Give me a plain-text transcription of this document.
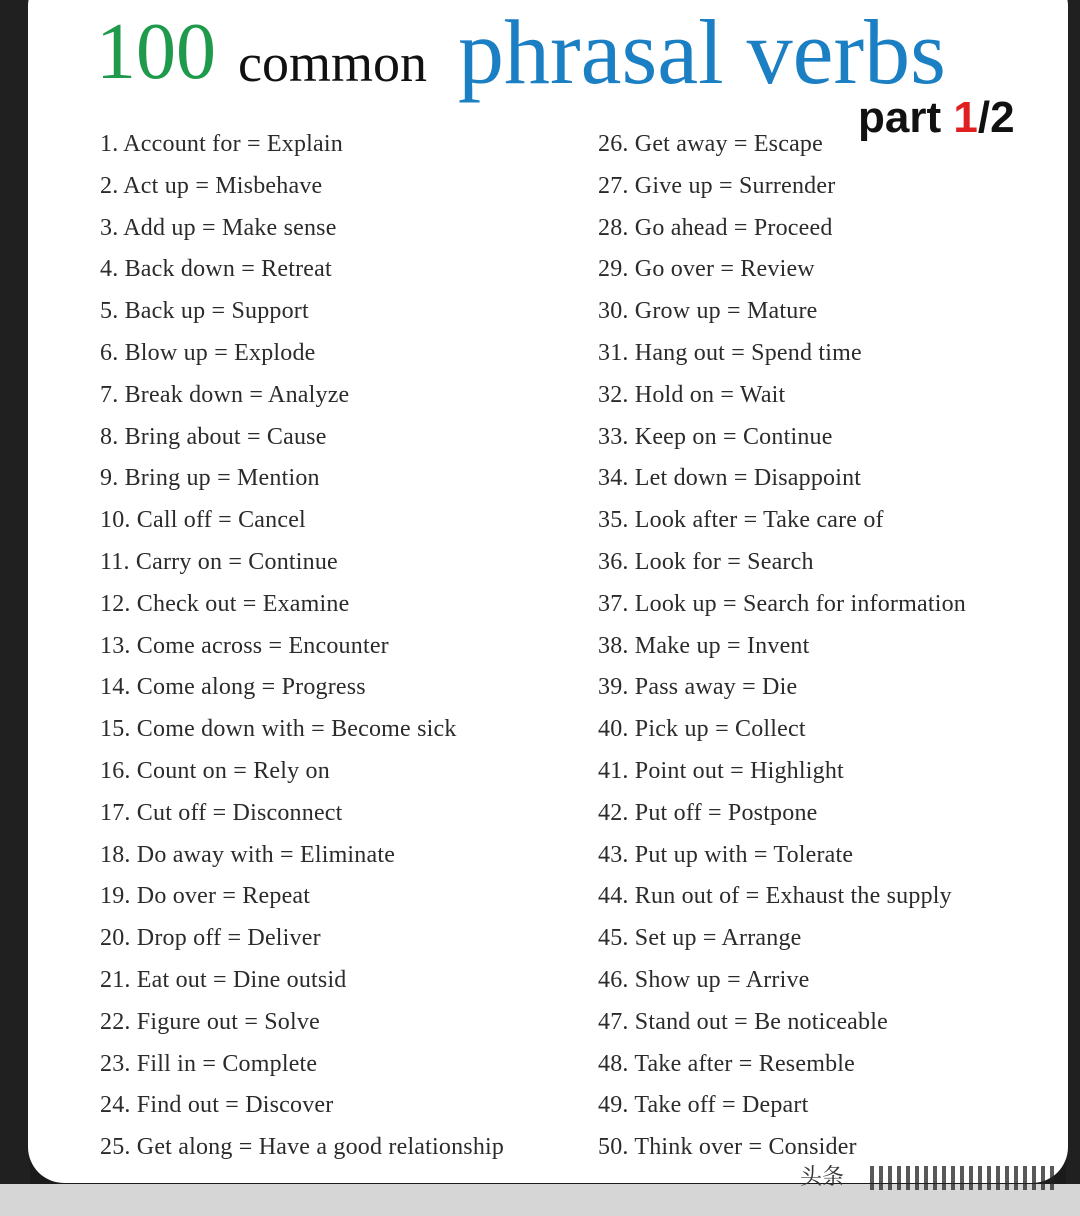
100 common phrasal verbs
part 1/2
1. Account for = Explain
2. Act up = Misbehave
3. Add up = Make sense
4. Back down = Retreat
5. Back up = Support
6. Blow up = Explode
7. Break down = Analyze
8. Bring about = Cause
9. Bring up = Mention
10. Call off = Cancel
11. Carry on = Continue
12. Check out = Examine
13. Come across = Encounter
14. Come along = Progress
15. Come down with = Become sick
16. Count on = Rely on
17. Cut off = Disconnect
18. Do away with = Eliminate
19. Do over = Repeat
20. Drop off = Deliver
21. Eat out = Dine outsid
22. Figure out = Solve
23. Fill in = Complete
24. Find out = Discover
25. Get along = Have a good relationship
26. Get away = Escape
27. Give up = Surrender
28. Go ahead = Proceed
29. Go over = Review
30. Grow up = Mature
31. Hang out = Spend time
32. Hold on = Wait
33. Keep on = Continue
34. Let down = Disappoint
35. Look after = Take care of
36. Look for = Search
37. Look up = Search for information
38. Make up = Invent
39. Pass away = Die
40. Pick up = Collect
41. Point out = Highlight
42. Put off = Postpone
43. Put up with = Tolerate
44. Run out of = Exhaust the supply
45. Set up = Arrange
46. Show up = Arrive
47. Stand out = Be noticeable
48. Take after = Resemble
49. Take off = Depart
50. Think over = Consider
头条
